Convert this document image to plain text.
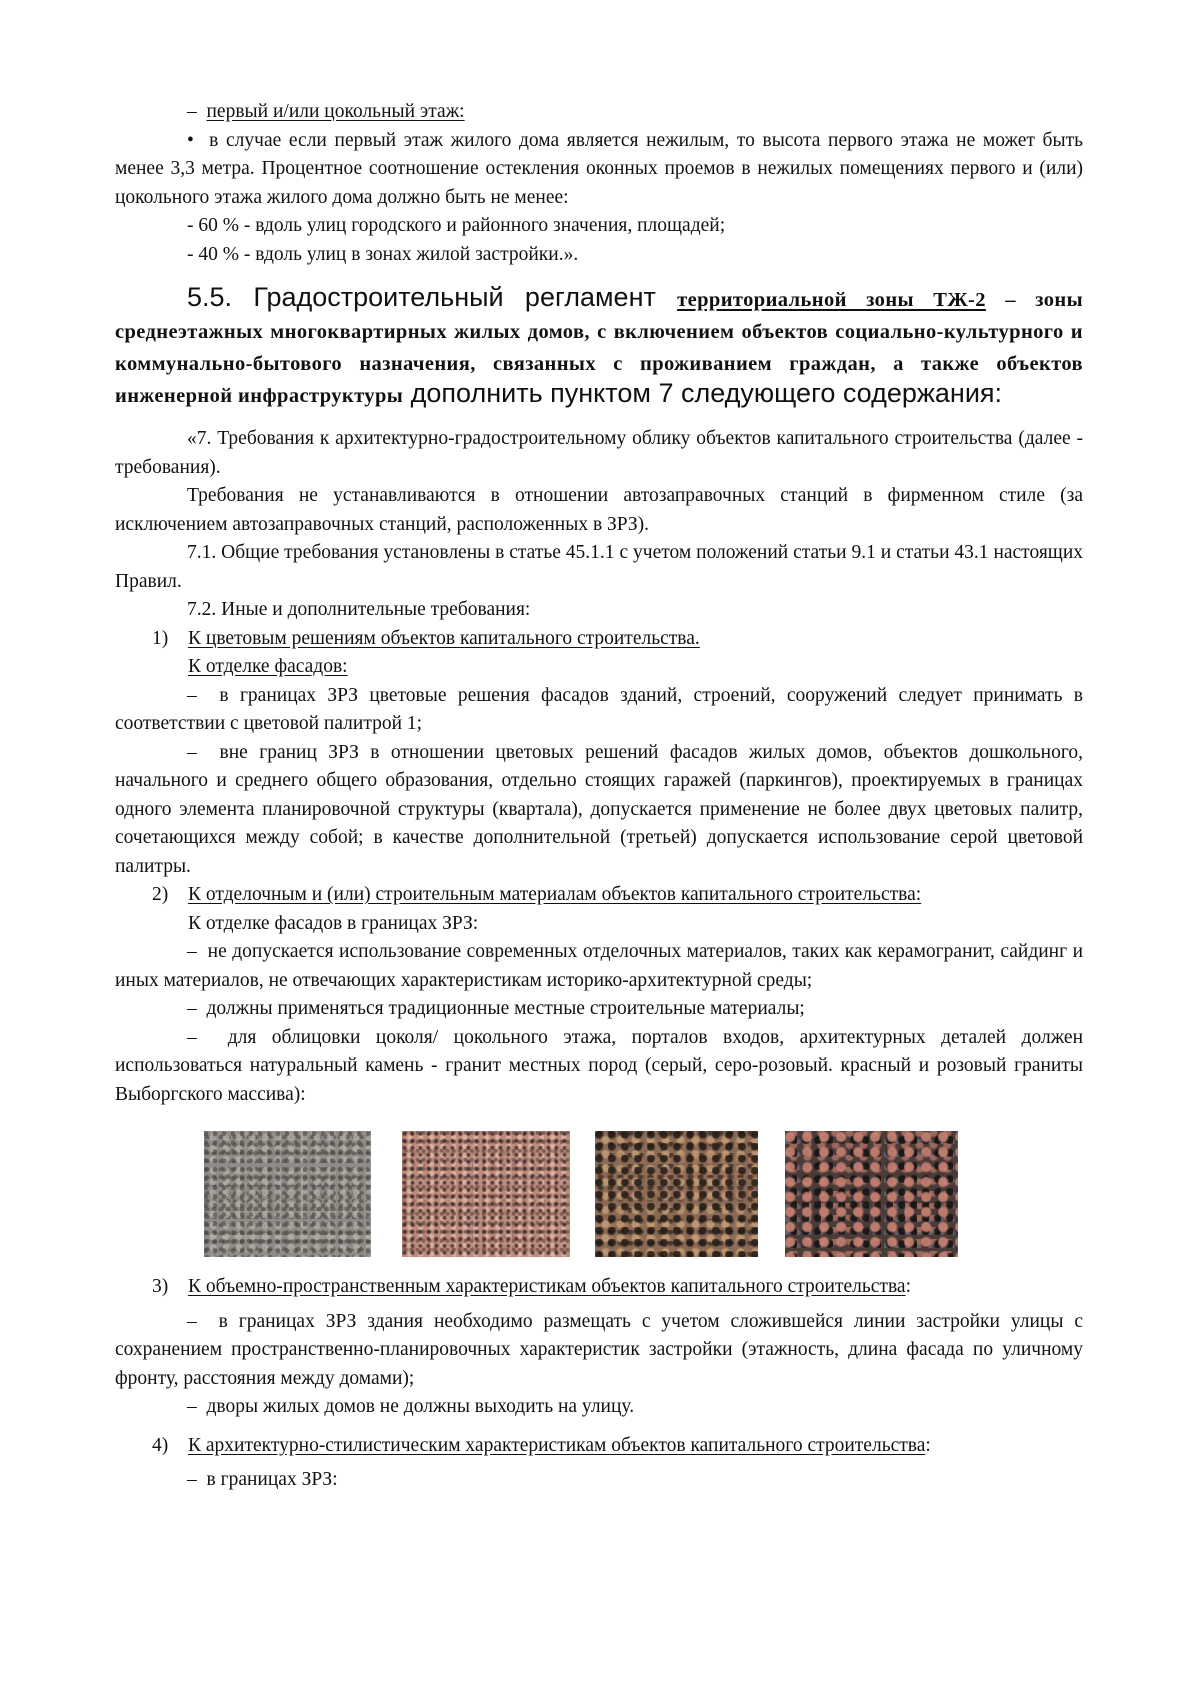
– первый и/или цокольный этаж:

• в случае если первый этаж жилого дома является нежилым, то высота первого этажа не может быть менее 3,3 метра. Процентное соотношение остекления оконных проемов в нежилых помещениях первого и (или) цокольного этажа жилого дома должно быть не менее:

- 60 % - вдоль улиц городского и районного значения, площадей;

- 40 % - вдоль улиц в зонах жилой застройки.».

5.5. Градостроительный регламент территориальной зоны ТЖ-2 – зоны среднеэтажных многоквартирных жилых домов, с включением объектов социально-культурного и коммунально-бытового назначения, связанных с проживанием граждан, а также объектов инженерной инфраструктуры дополнить пунктом 7 следующего содержания:

«7. Требования к архитектурно-градостроительному облику объектов капитального строительства (далее - требования).

Требования не устанавливаются в отношении автозаправочных станций в фирменном стиле (за исключением автозаправочных станций, расположенных в ЗРЗ).

7.1. Общие требования установлены в статье 45.1.1 с учетом положений статьи 9.1 и статьи 43.1 настоящих Правил.

7.2. Иные и дополнительные требования:

1) К цветовым решениям объектов капитального строительства.

К отделке фасадов:

– в границах ЗРЗ цветовые решения фасадов зданий, строений, сооружений следует принимать в соответствии с цветовой палитрой 1;

– вне границ ЗРЗ в отношении цветовых решений фасадов жилых домов, объектов дошкольного, начального и среднего общего образования, отдельно стоящих гаражей (паркингов), проектируемых в границах одного элемента планировочной структуры (квартала), допускается применение не более двух цветовых палитр, сочетающихся между собой; в качестве дополнительной (третьей) допускается использование серой цветовой палитры.

2) К отделочным и (или) строительным материалам объектов капитального строительства:

К отделке фасадов в границах ЗРЗ:

– не допускается использование современных отделочных материалов, таких как керамогранит, сайдинг и иных материалов, не отвечающих характеристикам историко-архитектурной среды;

– должны применяться традиционные местные строительные материалы;

– для облицовки цоколя/ цокольного этажа, порталов входов, архитектурных деталей должен использоваться натуральный камень - гранит местных пород (серый, серо-розовый. красный и розовый граниты Выборгского массива):

3) К объемно-пространственным характеристикам объектов капитального строительства:

– в границах ЗРЗ здания необходимо размещать с учетом сложившейся линии застройки улицы с сохранением пространственно-планировочных характеристик застройки (этажность, длина фасада по уличному фронту, расстояния между домами);

– дворы жилых домов не должны выходить на улицу.

4) К архитектурно-стилистическим характеристикам объектов капитального строительства:

– в границах ЗРЗ:
